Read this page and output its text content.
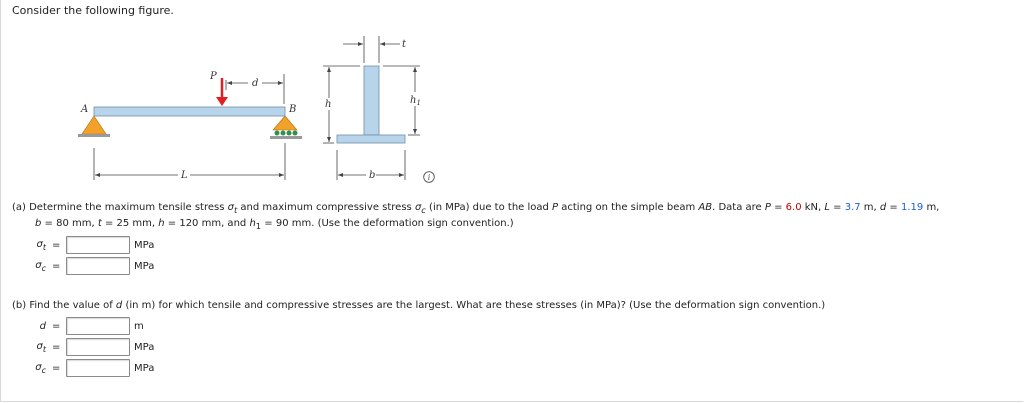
Consider the following figure.
P
d
A	B
L
t
h	$h_1$
b	i
(a) Determine the maximum tensile stress $\sigma_t$ and maximum compressive stress $\sigma_c$ (in MPa) due to the load P acting on the simple beam AB. Data are P = 6.0 kN, L = 3.7 m, d = 1.19 m,
b = 80 mm, t = 25 mm, h = 120 mm, and $h_1 = 90$ mm. (Use the deformation sign convention.)
$\sigma_t$ =	MPa
$\sigma_c$ =	MPa
(b) Find the value of d (in m) for which tensile and compressive stresses are the largest. What are these stresses (in MPa)? (Use the deformation sign convention.)
d =	m
$\sigma_t$ =	MPa
$\sigma_c$ =	MPa
